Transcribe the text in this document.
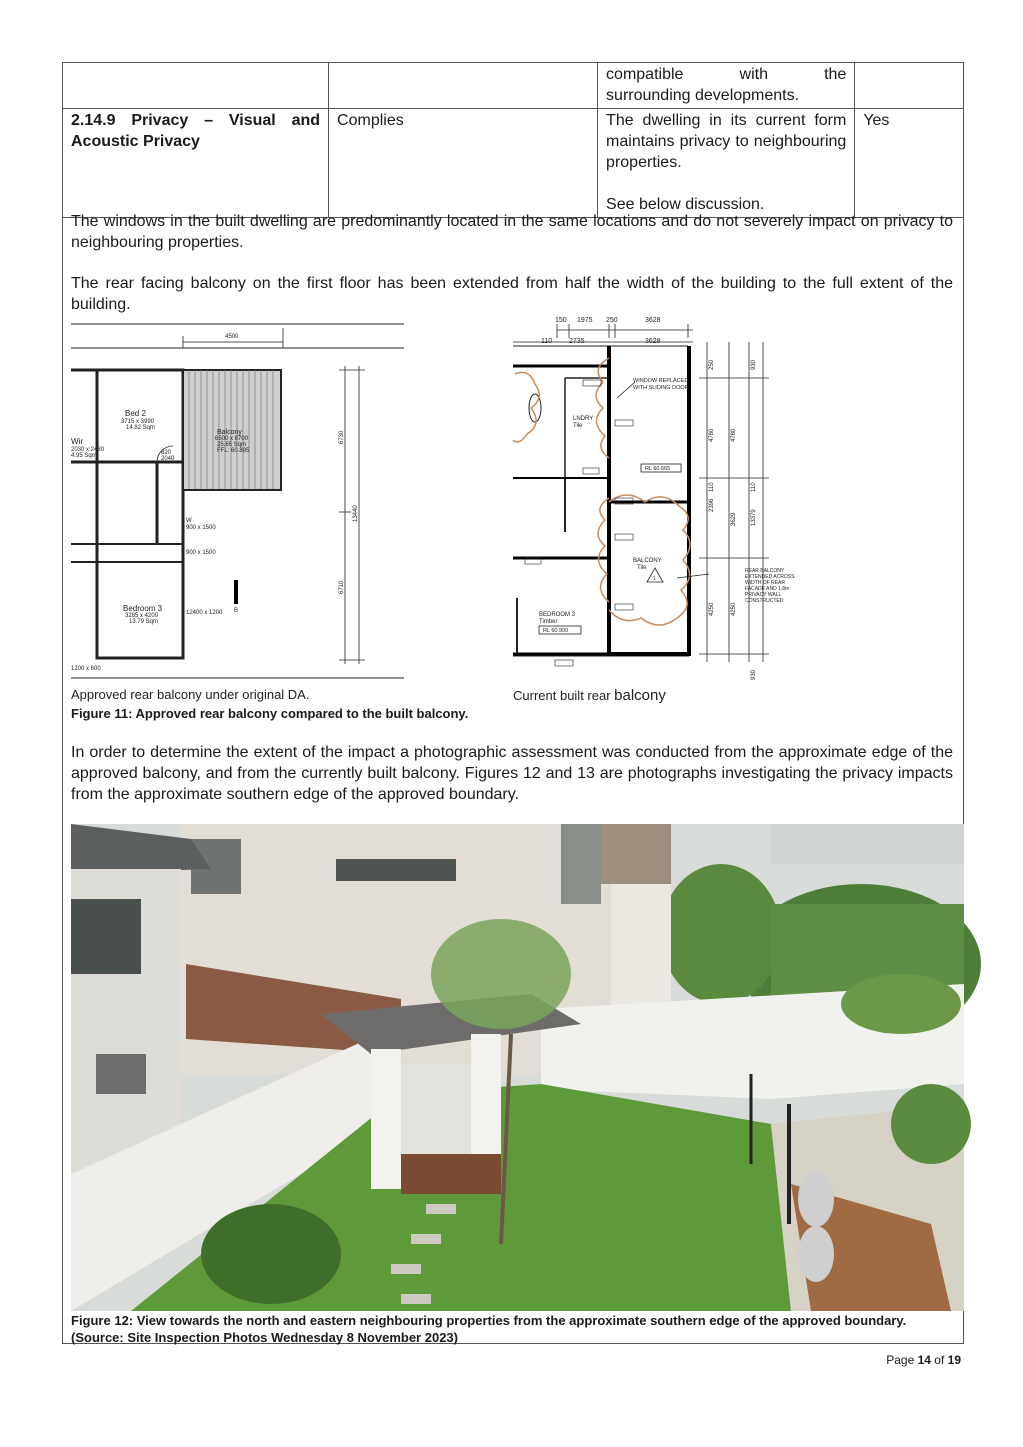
		compatible with the
surrounding developments.	

2.14.9 Privacy – Visual and Acoustic Privacy	Complies	The dwelling in its current form maintains privacy to neighbouring properties.
See below discussion.	Yes
The windows in the built dwelling are predominantly located in the same locations and do not severely impact on privacy to neighbouring properties.
The rear facing balcony on the first floor has been extended from half the width of the building to the full extent of the building.
4500
Bed 2
3715 x 3990
14.82 Sqm
Balcony
6500 x 8700
25.65 Sqm
FFL: 60.895
Wir
2030 x 2480
4.95 Sqm
Bedroom 3
3285 x 4200
13.79 Sqm
W
900 x 1500
900 x 1500
12400 x 1200
1200 x 600
820
2040
B
6730
13440
6710
150 1975 250	3628
2735
110	3628
WINDOW REPLACED
WITH SLIDING DOOR
LNDRY
Tile
RL 60.665
BALCONY
Tile
1
BEDROOM 3
Timber
RL 60.900
REAR BALCONY
EXTENDED ACROSS
WIDTH OF REAR
FACADE AND 1.8m
PRIVACY WALL
CONSTRUCTED
4780	4780
2396
3629 13379
4250	4250
930
930
250
110	110
Approved rear balcony under original DA.	Current built rear balcony
Figure 11: Approved rear balcony compared to the built balcony.
In order to determine the extent of the impact a photographic assessment was conducted from the approximate edge of the approved balcony, and from the currently built balcony. Figures 12 and 13 are photographs investigating the privacy impacts from the approximate southern edge of the approved boundary.
Figure 12: View towards the north and eastern neighbouring properties from the approximate southern edge of the approved boundary.
(Source: Site Inspection Photos Wednesday 8 November 2023)
Page 14 of 19
